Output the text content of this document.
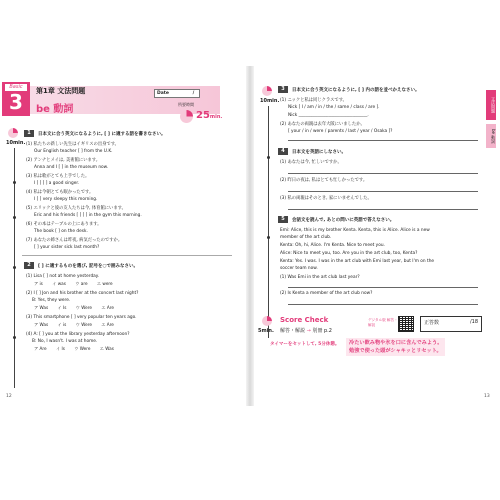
Basic
3	第1章 文法問題
be 動詞
Date	/
所要時間
25min.
10min.
1	日本文に合う英文になるように, [ ] に適する語を書きなさい。
(1) 私たちの新しい先生はイギリスの出身です。
Our English teacher [ ] from the U.K.
(2) アンナとメイは, 美術館にいます。
Anna and I [ ] in the museum now.
(3) 私は歌がとても上手でした。
I [ ] [ ] a good singer.
(4) 私は今朝とても眠かったです。
I [ ] very sleepy this morning.
(5) エリックと彼の友人たちは今, 体育館にいます。
Eric and his friends [ ] [ ] in the gym this morning.
(6) その本はテーブルの上にあります。
The book [ ] on the desk.
(7) あなたの姉さんは昨夜, 病気だったのですか。
[ ] your sister sick last month?
2	[ ] に適するものを選び, 記号を○で囲みなさい。
(1) Lisa [ ] not at home yesterday.
ア is イ was ウ are エ were
(2) I [ ] Jon and his brother at the concert last night?
B: Yes, they were.
ア Was イ Is ウ Were エ Are
(3) This smartphone [ ] very popular ten years ago.
ア Was イ is ウ Were エ Are
(4) A: [ ] you at the library yesterday afternoon?
B: No, I wasn't. I was at home.
ア Are イ Is ウ Were エ Was
12
文法問題
be 動詞
10min.
3	日本文に合う英文になるように, [ ] 内の語を並べかえなさい。
(1) ニックと私は同じクラスです。
Nick [ I / am / in / the / same / class / are ].
Nick ________________________________.
(2) あなたの両親は去年大阪にいましたか。
[ your / in / were / parents / last / year / Osaka ]?
4	日本文を英語にしなさい。
(1) あなたは今, 忙しいですか。
(2) 昨日の夜は, 私はとても忙しかったです。
(3) 私の両親はそのとき, 家にいませんでした。
5	会話文を読んで, あとの問いに英語で答えなさい。
Emi: Alice, this is my brother Kenta. Kenta, this is Alice. Alice is a new
member of the art club.
Kenta: Oh, hi, Alice. I'm Kenta. Nice to meet you.
Alice: Nice to meet you, too. Are you in the art club, too, Kenta?
Kenta: Yes. I was. I was in the art club with Emi last year, but I'm on the
soccer team now.
(1) Was Emi in the art club last year?
(2) Is Kenta a member of the art club now?
5min.
Score Check
解答・解説 → 別冊 p.2
デジタル版 解答・解説	正答数	/18
タイマーをセットして, 5分休憩。 冷たい飲み物や氷を口に含んでみよう。
勉強で使った頭がシャキッとリセット。
13
